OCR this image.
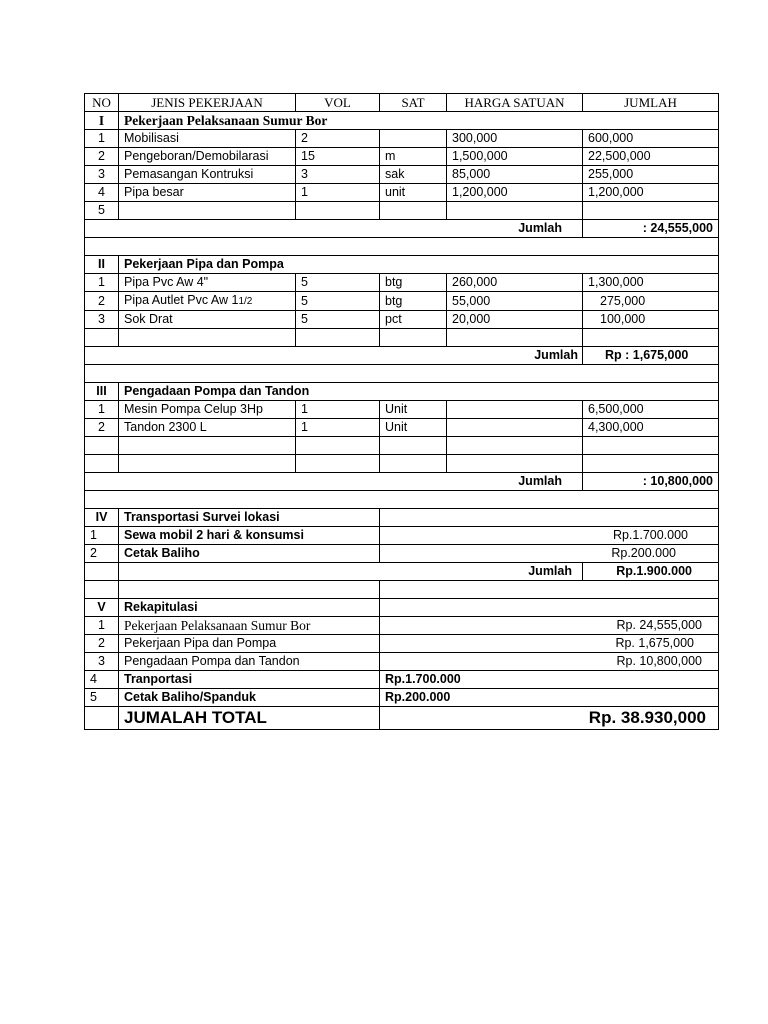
NO	JENIS PEKERJAAN	VOL	SAT	HARGA SATUAN	JUMLAH
I	Pekerjaan Pelaksanaan Sumur Bor				
1	Mobilisasi	2		300,000	600,000
2	Pengeboran/Demobilarasi	15	m	1,500,000	22,500,000
3	Pemasangan Kontruksi	3	sak	85,000	255,000
4	Pipa besar	1	unit	1,200,000	1,200,000
5					
Jumlah					: 24,555,000

II	Pekerjaan Pipa dan Pompa				
1	Pipa Pvc Aw 4"	5	btg	260,000	1,300,000
2	Pipa Autlet Pvc Aw 11/2	5	btg	55,000	275,000
3	Sok Drat	5	pct	20,000	100,000

Jumlah					Rp : 1,675,000

III	Pengadaan Pompa dan Tandon				
1	Mesin Pompa Celup 3Hp	1	Unit		6,500,000
2	Tandon 2300 L	1	Unit		4,300,000

Jumlah					: 10,800,000

IV	Transportasi Survei lokasi				
1	Sewa mobil 2 hari & konsumsi		Rp.1.700.000		
2	Cetak Baliho		Rp.200.000		
	Jumlah				Rp.1.900.000

V	Rekapitulasi				
1	Pekerjaan Pelaksanaan Sumur Bor		Rp. 24,555,000		
2	Pekerjaan Pipa dan Pompa		Rp. 1,675,000		
3	Pengadaan Pompa dan Tandon		Rp. 10,800,000		
4	Tranportasi		Rp.1.700.000		
5	Cetak Baliho/Spanduk		Rp.200.000		
	JUMALAH TOTAL		Rp. 38.930,000		
